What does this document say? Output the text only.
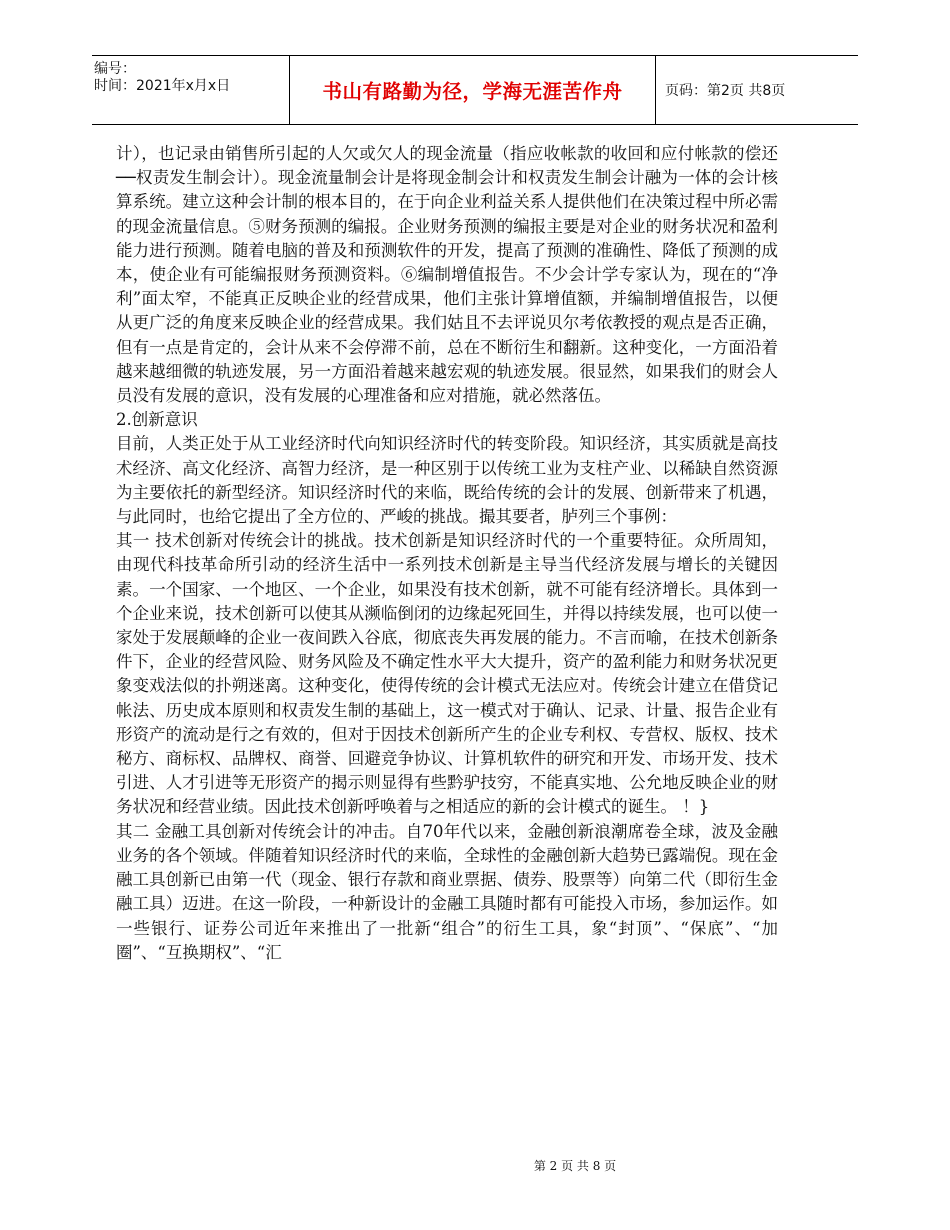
编号：
时间：2021年x月x日	书山有路勤为径，学海无涯苦作舟	页码：第2页 共8页

计），也记录由销售所引起的人欠或欠人的现金流量（指应收帐款的收回和应付帐款的偿还──权责发生制会计）。现金流量制会计是将现金制会计和权责发生制会计融为一体的会计核算系统。建立这种会计制的根本目的，在于向企业利益关系人提供他们在决策过程中所必需的现金流量信息。⑤财务预测的编报。企业财务预测的编报主要是对企业的财务状况和盈利能力进行预测。随着电脑的普及和预测软件的开发，提高了预测的准确性、降低了预测的成本，使企业有可能编报财务预测资料。⑥编制增值报告。不少会计学专家认为，现在的“净利”面太窄，不能真正反映企业的经营成果，他们主张计算增值额，并编制增值报告，以便从更广泛的角度来反映企业的经营成果。我们姑且不去评说贝尔考依教授的观点是否正确，但有一点是肯定的，会计从来不会停滞不前，总在不断衍生和翻新。这种变化，一方面沿着越来越细微的轨迹发展，另一方面沿着越来越宏观的轨迹发展。很显然，如果我们的财会人员没有发展的意识，没有发展的心理准备和应对措施，就必然落伍。

2.创新意识

目前，人类正处于从工业经济时代向知识经济时代的转变阶段。知识经济，其实质就是高技术经济、高文化经济、高智力经济，是一种区别于以传统工业为支柱产业、以稀缺自然资源为主要依托的新型经济。知识经济时代的来临，既给传统的会计的发展、创新带来了机遇，与此同时，也给它提出了全方位的、严峻的挑战。撮其要者，胪列三个事例：

其一 技术创新对传统会计的挑战。技术创新是知识经济时代的一个重要特征。众所周知，由现代科技革命所引动的经济生活中一系列技术创新是主导当代经济发展与增长的关键因素。一个国家、一个地区、一个企业，如果没有技术创新，就不可能有经济增长。具体到一个企业来说，技术创新可以使其从濒临倒闭的边缘起死回生，并得以持续发展，也可以使一家处于发展颠峰的企业一夜间跌入谷底，彻底丧失再发展的能力。不言而喻，在技术创新条件下，企业的经营风险、财务风险及不确定性水平大大提升，资产的盈利能力和财务状况更象变戏法似的扑朔迷离。这种变化，使得传统的会计模式无法应对。传统会计建立在借贷记帐法、历史成本原则和权责发生制的基础上，这一模式对于确认、记录、计量、报告企业有形资产的流动是行之有效的，但对于因技术创新所产生的企业专利权、专营权、版权、技术秘方、商标权、品牌权、商誉、回避竞争协议、计算机软件的研究和开发、市场开发、技术引进、人才引进等无形资产的揭示则显得有些黔驴技穷，不能真实地、公允地反映企业的财务状况和经营业绩。因此技术创新呼唤着与之相适应的新的会计模式的诞生。 ！}

其二 金融工具创新对传统会计的冲击。自70年代以来，金融创新浪潮席卷全球，波及金融业务的各个领域。伴随着知识经济时代的来临，全球性的金融创新大趋势已露端倪。现在金融工具创新已由第一代（现金、银行存款和商业票据、债券、股票等）向第二代（即衍生金融工具）迈进。在这一阶段，一种新设计的金融工具随时都有可能投入市场，参加运作。如一些银行、证券公司近年来推出了一批新“组合”的衍生工具，象“封顶”、“保底”、“加圈”、“互换期权”、“汇

第 2 页 共 8 页
